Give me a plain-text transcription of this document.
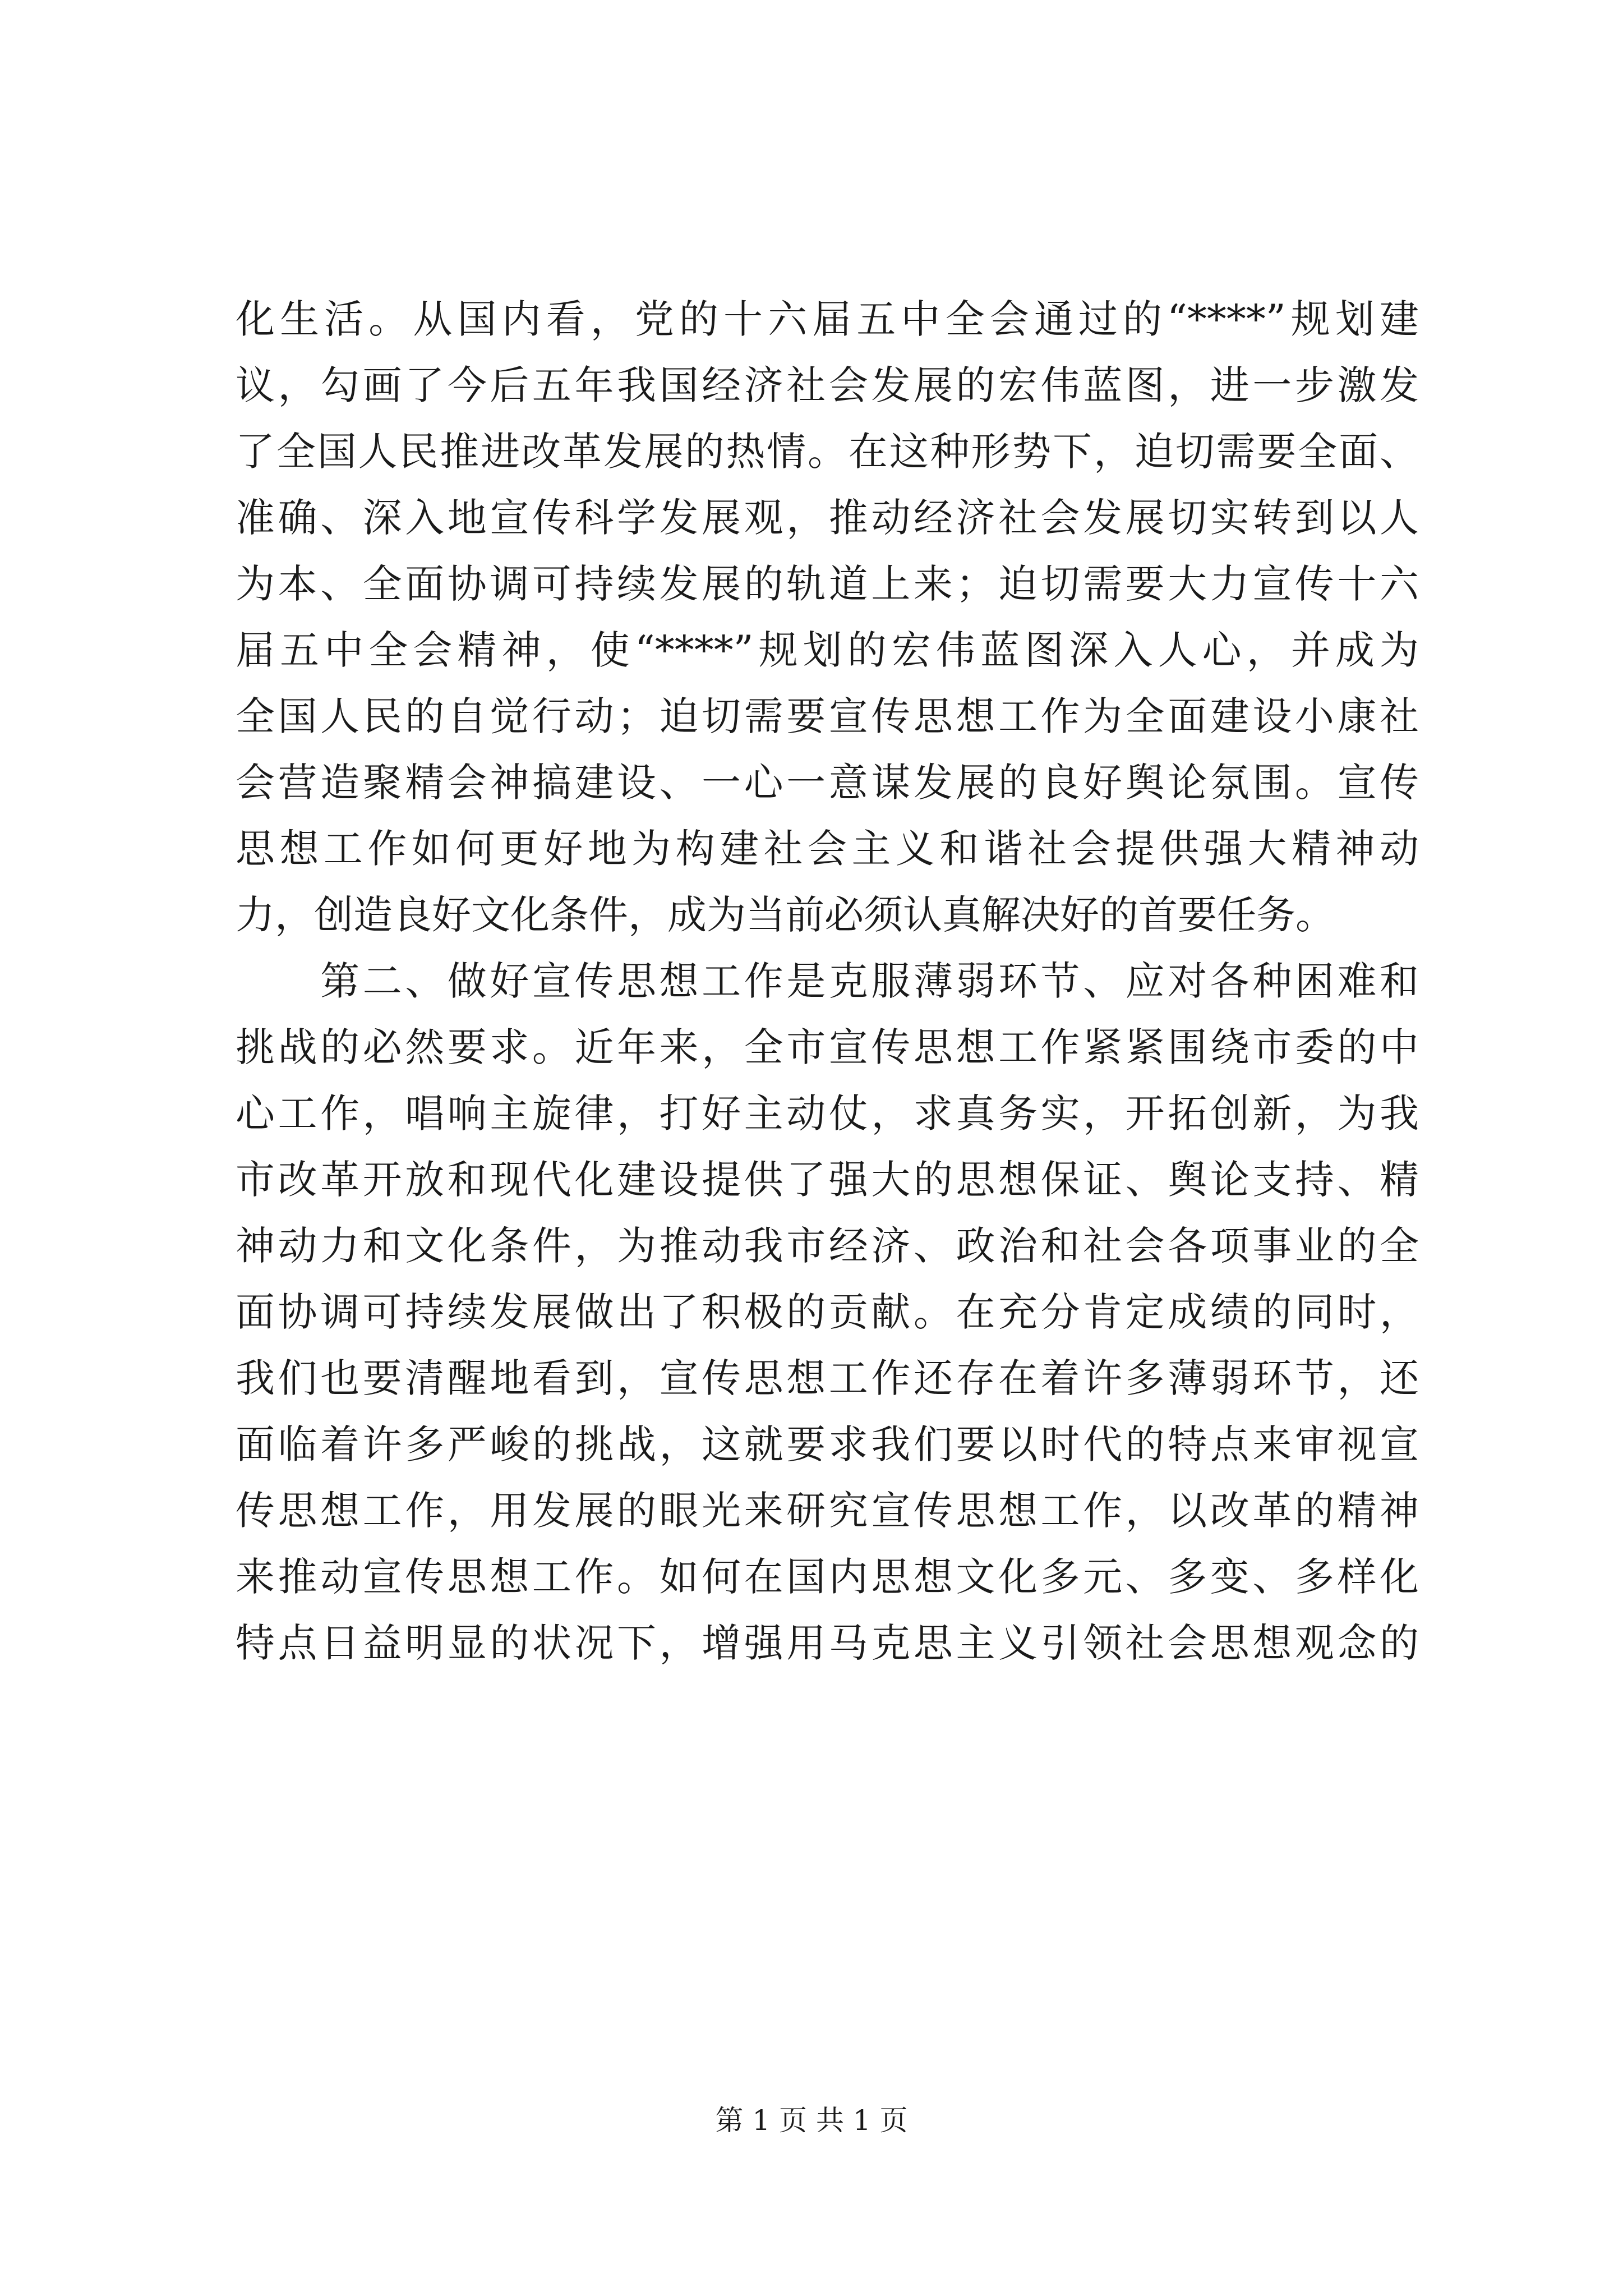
化生活。从国内看，党的十六届五中全会通过的“****”规划建
议，勾画了今后五年我国经济社会发展的宏伟蓝图，进一步激发
了全国人民推进改革发展的热情。在这种形势下，迫切需要全面、
准确、深入地宣传科学发展观，推动经济社会发展切实转到以人
为本、全面协调可持续发展的轨道上来；迫切需要大力宣传十六
届五中全会精神，使“****”规划的宏伟蓝图深入人心，并成为
全国人民的自觉行动；迫切需要宣传思想工作为全面建设小康社
会营造聚精会神搞建设、一心一意谋发展的良好舆论氛围。宣传
思想工作如何更好地为构建社会主义和谐社会提供强大精神动
力，创造良好文化条件，成为当前必须认真解决好的首要任务。
　　第二、做好宣传思想工作是克服薄弱环节、应对各种困难和
挑战的必然要求。近年来，全市宣传思想工作紧紧围绕市委的中
心工作，唱响主旋律，打好主动仗，求真务实，开拓创新，为我
市改革开放和现代化建设提供了强大的思想保证、舆论支持、精
神动力和文化条件，为推动我市经济、政治和社会各项事业的全
面协调可持续发展做出了积极的贡献。在充分肯定成绩的同时，
我们也要清醒地看到，宣传思想工作还存在着许多薄弱环节，还
面临着许多严峻的挑战，这就要求我们要以时代的特点来审视宣
传思想工作，用发展的眼光来研究宣传思想工作，以改革的精神
来推动宣传思想工作。如何在国内思想文化多元、多变、多样化
特点日益明显的状况下，增强用马克思主义引领社会思想观念的
第 1 页 共 1 页
